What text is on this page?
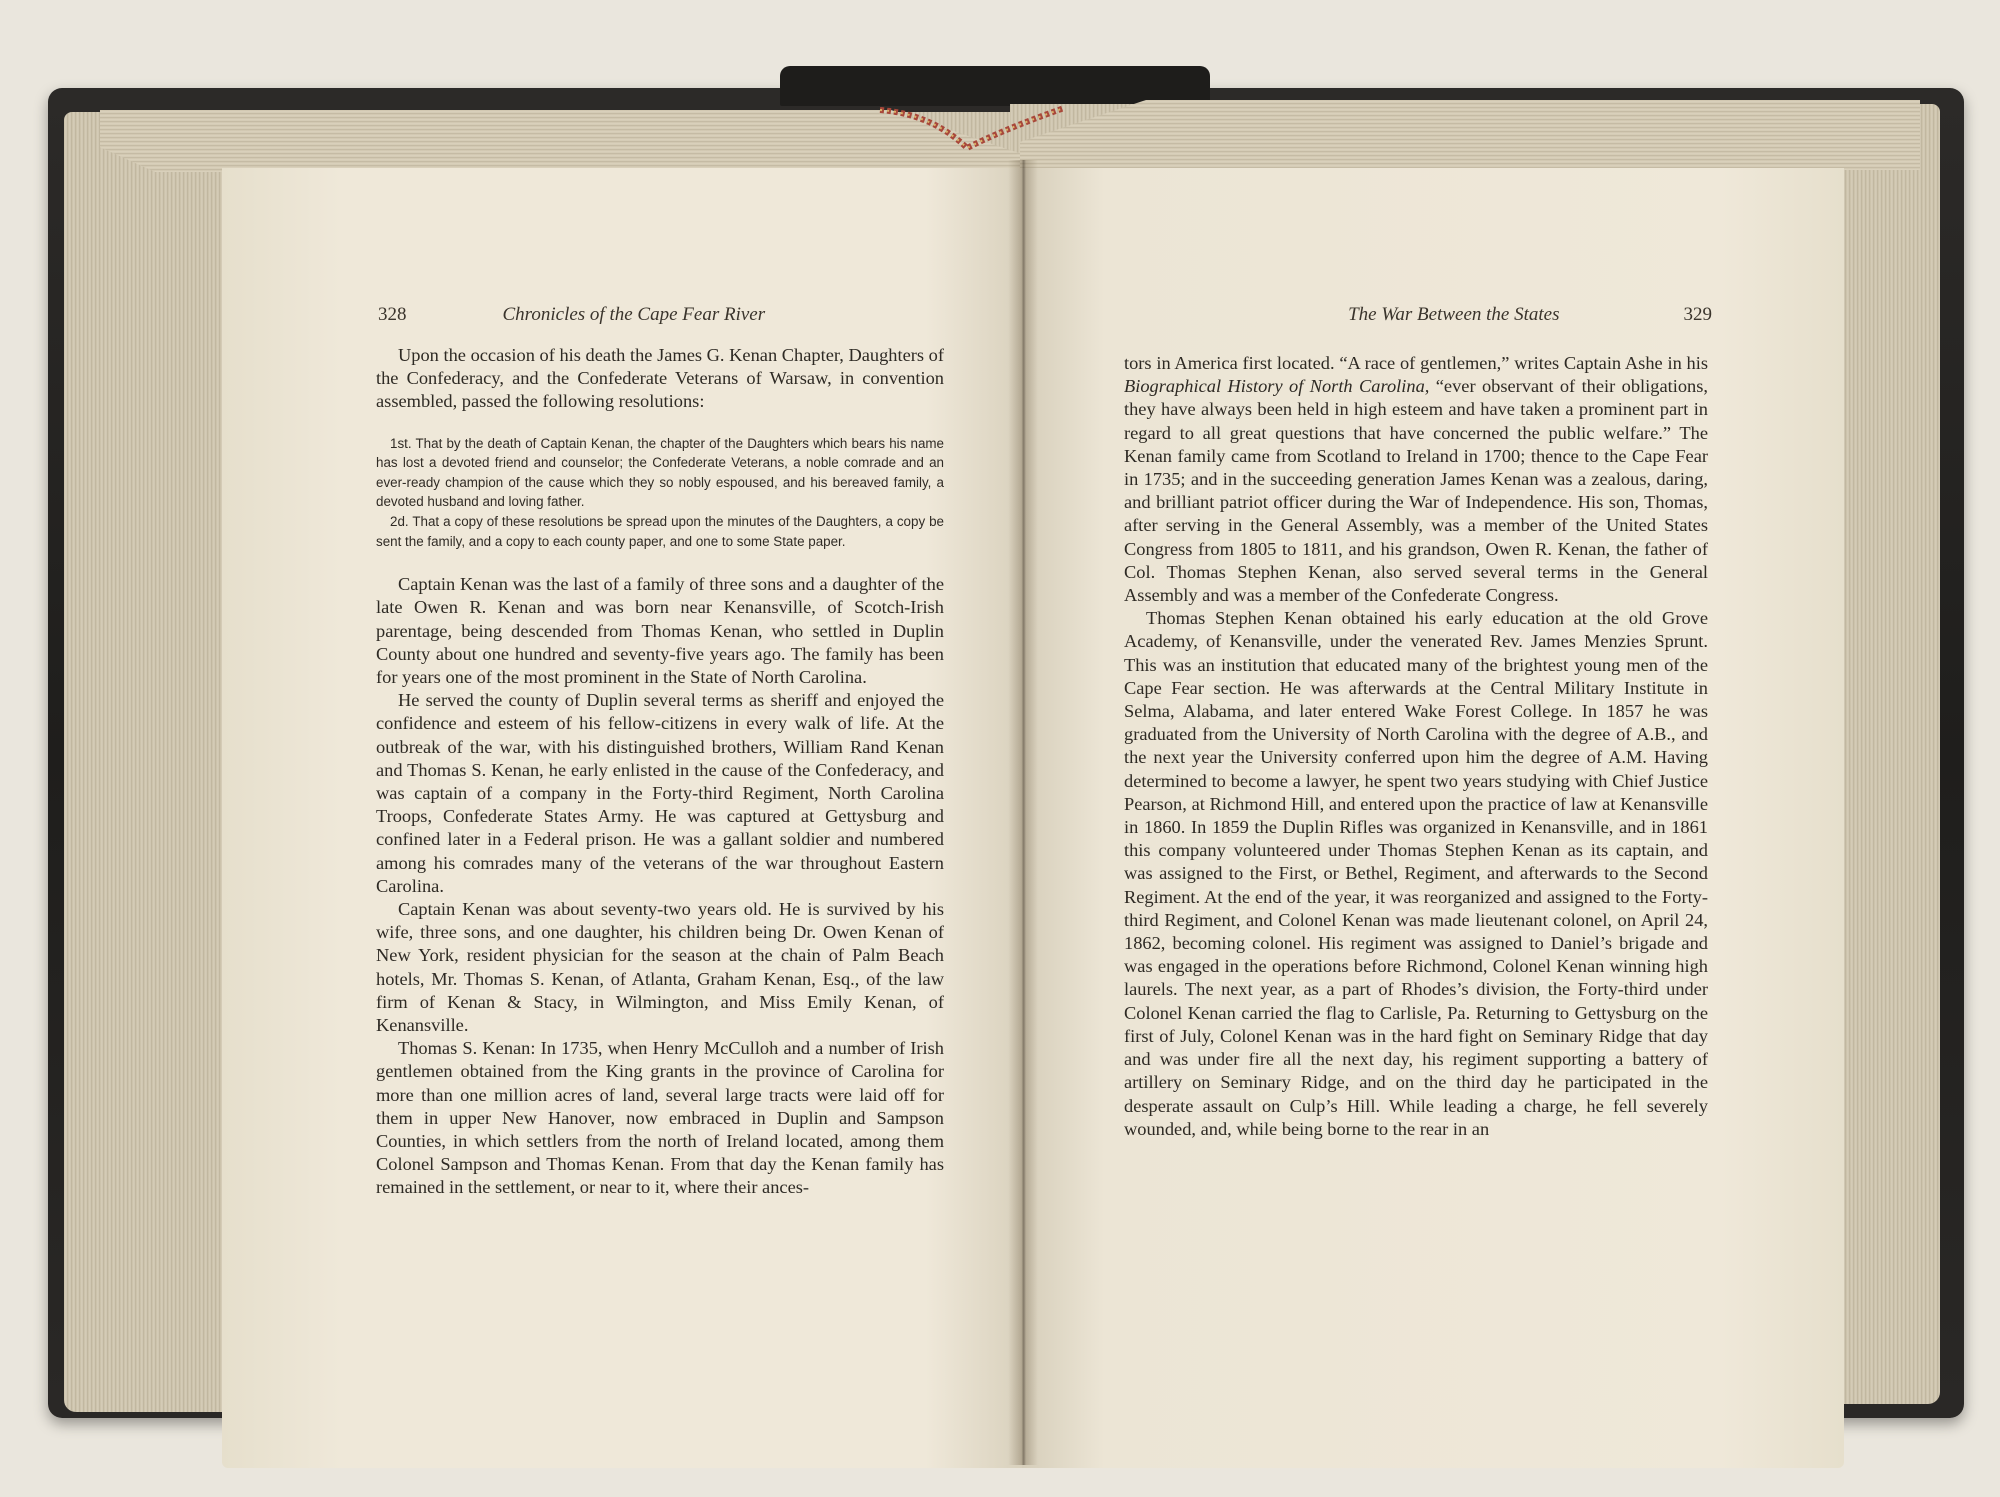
328	Chronicles of the Cape Fear River

Upon the occasion of his death the James G. Kenan Chapter, Daughters of the Confederacy, and the Confederate Veterans of Warsaw, in convention assembled, passed the following resolutions:

1st. That by the death of Captain Kenan, the chapter of the Daughters which bears his name has lost a devoted friend and counselor; the Confederate Veterans, a noble comrade and an ever-ready champion of the cause which they so nobly espoused, and his bereaved family, a devoted husband and loving father.

2d. That a copy of these resolutions be spread upon the minutes of the Daughters, a copy be sent the family, and a copy to each county paper, and one to some State paper.

Captain Kenan was the last of a family of three sons and a daughter of the late Owen R. Kenan and was born near Kenansville, of Scotch-Irish parentage, being descended from Thomas Kenan, who settled in Duplin County about one hundred and seventy-five years ago. The family has been for years one of the most prominent in the State of North Carolina.

He served the county of Duplin several terms as sheriff and enjoyed the confidence and esteem of his fellow-citizens in every walk of life. At the outbreak of the war, with his distinguished brothers, William Rand Kenan and Thomas S. Kenan, he early enlisted in the cause of the Confederacy, and was captain of a company in the Forty-third Regiment, North Carolina Troops, Confederate States Army. He was captured at Gettysburg and confined later in a Federal prison. He was a gallant soldier and numbered among his comrades many of the veterans of the war throughout Eastern Carolina.

Captain Kenan was about seventy-two years old. He is survived by his wife, three sons, and one daughter, his children being Dr. Owen Kenan of New York, resident physician for the season at the chain of Palm Beach hotels, Mr. Thomas S. Kenan, of Atlanta, Graham Kenan, Esq., of the law firm of Kenan & Stacy, in Wilmington, and Miss Emily Kenan, of Kenansville.

Thomas S. Kenan: In 1735, when Henry McCulloh and a number of Irish gentlemen obtained from the King grants in the province of Carolina for more than one million acres of land, several large tracts were laid off for them in upper New Hanover, now embraced in Duplin and Sampson Counties, in which settlers from the north of Ireland located, among them Colonel Sampson and Thomas Kenan. From that day the Kenan family has remained in the settlement, or near to it, where their ances-

The War Between the States	329

tors in America first located. “A race of gentlemen,” writes Captain Ashe in his Biographical History of North Carolina, “ever observant of their obligations, they have always been held in high esteem and have taken a prominent part in regard to all great questions that have concerned the public welfare.” The Kenan family came from Scotland to Ireland in 1700; thence to the Cape Fear in 1735; and in the succeeding generation James Kenan was a zealous, daring, and brilliant patriot officer during the War of Independence. His son, Thomas, after serving in the General Assembly, was a member of the United States Congress from 1805 to 1811, and his grandson, Owen R. Kenan, the father of Col. Thomas Stephen Kenan, also served several terms in the General Assembly and was a member of the Confederate Congress.

Thomas Stephen Kenan obtained his early education at the old Grove Academy, of Kenansville, under the venerated Rev. James Menzies Sprunt. This was an institution that educated many of the brightest young men of the Cape Fear section. He was afterwards at the Central Military Institute in Selma, Alabama, and later entered Wake Forest College. In 1857 he was graduated from the University of North Carolina with the degree of A.B., and the next year the University conferred upon him the degree of A.M. Having determined to become a lawyer, he spent two years studying with Chief Justice Pearson, at Richmond Hill, and entered upon the practice of law at Kenansville in 1860. In 1859 the Duplin Rifles was organized in Kenansville, and in 1861 this company volunteered under Thomas Stephen Kenan as its captain, and was assigned to the First, or Bethel, Regiment, and afterwards to the Second Regiment. At the end of the year, it was reorganized and assigned to the Forty-third Regiment, and Colonel Kenan was made lieutenant colonel, on April 24, 1862, becoming colonel. His regiment was assigned to Daniel’s brigade and was engaged in the operations before Richmond, Colonel Kenan winning high laurels. The next year, as a part of Rhodes’s division, the Forty-third under Colonel Kenan carried the flag to Carlisle, Pa. Returning to Gettysburg on the first of July, Colonel Kenan was in the hard fight on Seminary Ridge that day and was under fire all the next day, his regiment supporting a battery of artillery on Seminary Ridge, and on the third day he participated in the desperate assault on Culp’s Hill. While leading a charge, he fell severely wounded, and, while being borne to the rear in an
